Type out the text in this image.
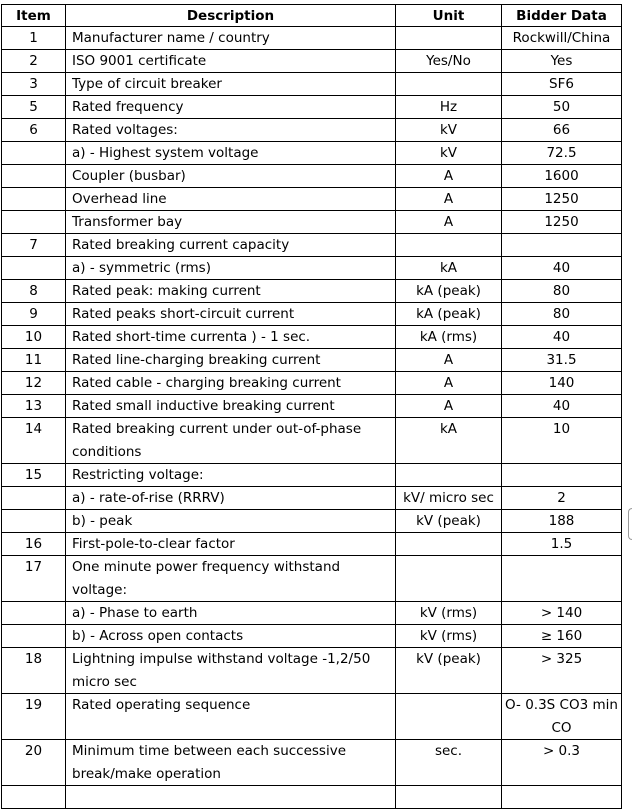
Item	Description	Unit	Bidder Data
1	Manufacturer name / country		Rockwill/China
2	ISO 9001 certificate	Yes/No	Yes
3	Type of circuit breaker		SF6
5	Rated frequency	Hz	50
6	Rated voltages:	kV	66
	a) - Highest system voltage	kV	72.5
	Coupler (busbar)	A	1600
	Overhead line	A	1250
	Transformer bay	A	1250
7	Rated breaking current capacity		
	a) - symmetric (rms)	kA	40
8	Rated peak: making current	kA (peak)	80
9	Rated peaks short-circuit current	kA (peak)	80
10	Rated short-time currenta ) - 1 sec.	kA (rms)	40
11	Rated line-charging breaking current	A	31.5
12	Rated cable - charging breaking current	A	140
13	Rated small inductive breaking current	A	40
14	Rated breaking current under out-of-phase conditions	kA	10
15	Restricting voltage:		
	a) - rate-of-rise (RRRV)	kV/ micro sec	2
	b) - peak	kV (peak)	188
16	First-pole-to-clear factor		1.5
17	One minute power frequency withstand voltage:		
	a) - Phase to earth	kV (rms)	> 140
	b) - Across open contacts	kV (rms)	≥ 160
18	Lightning impulse withstand voltage -1,2/50 micro sec	kV (peak)	> 325
19	Rated operating sequence		O- 0.3S CO3 min CO
20	Minimum time between each successive break/make operation	sec.	> 0.3
